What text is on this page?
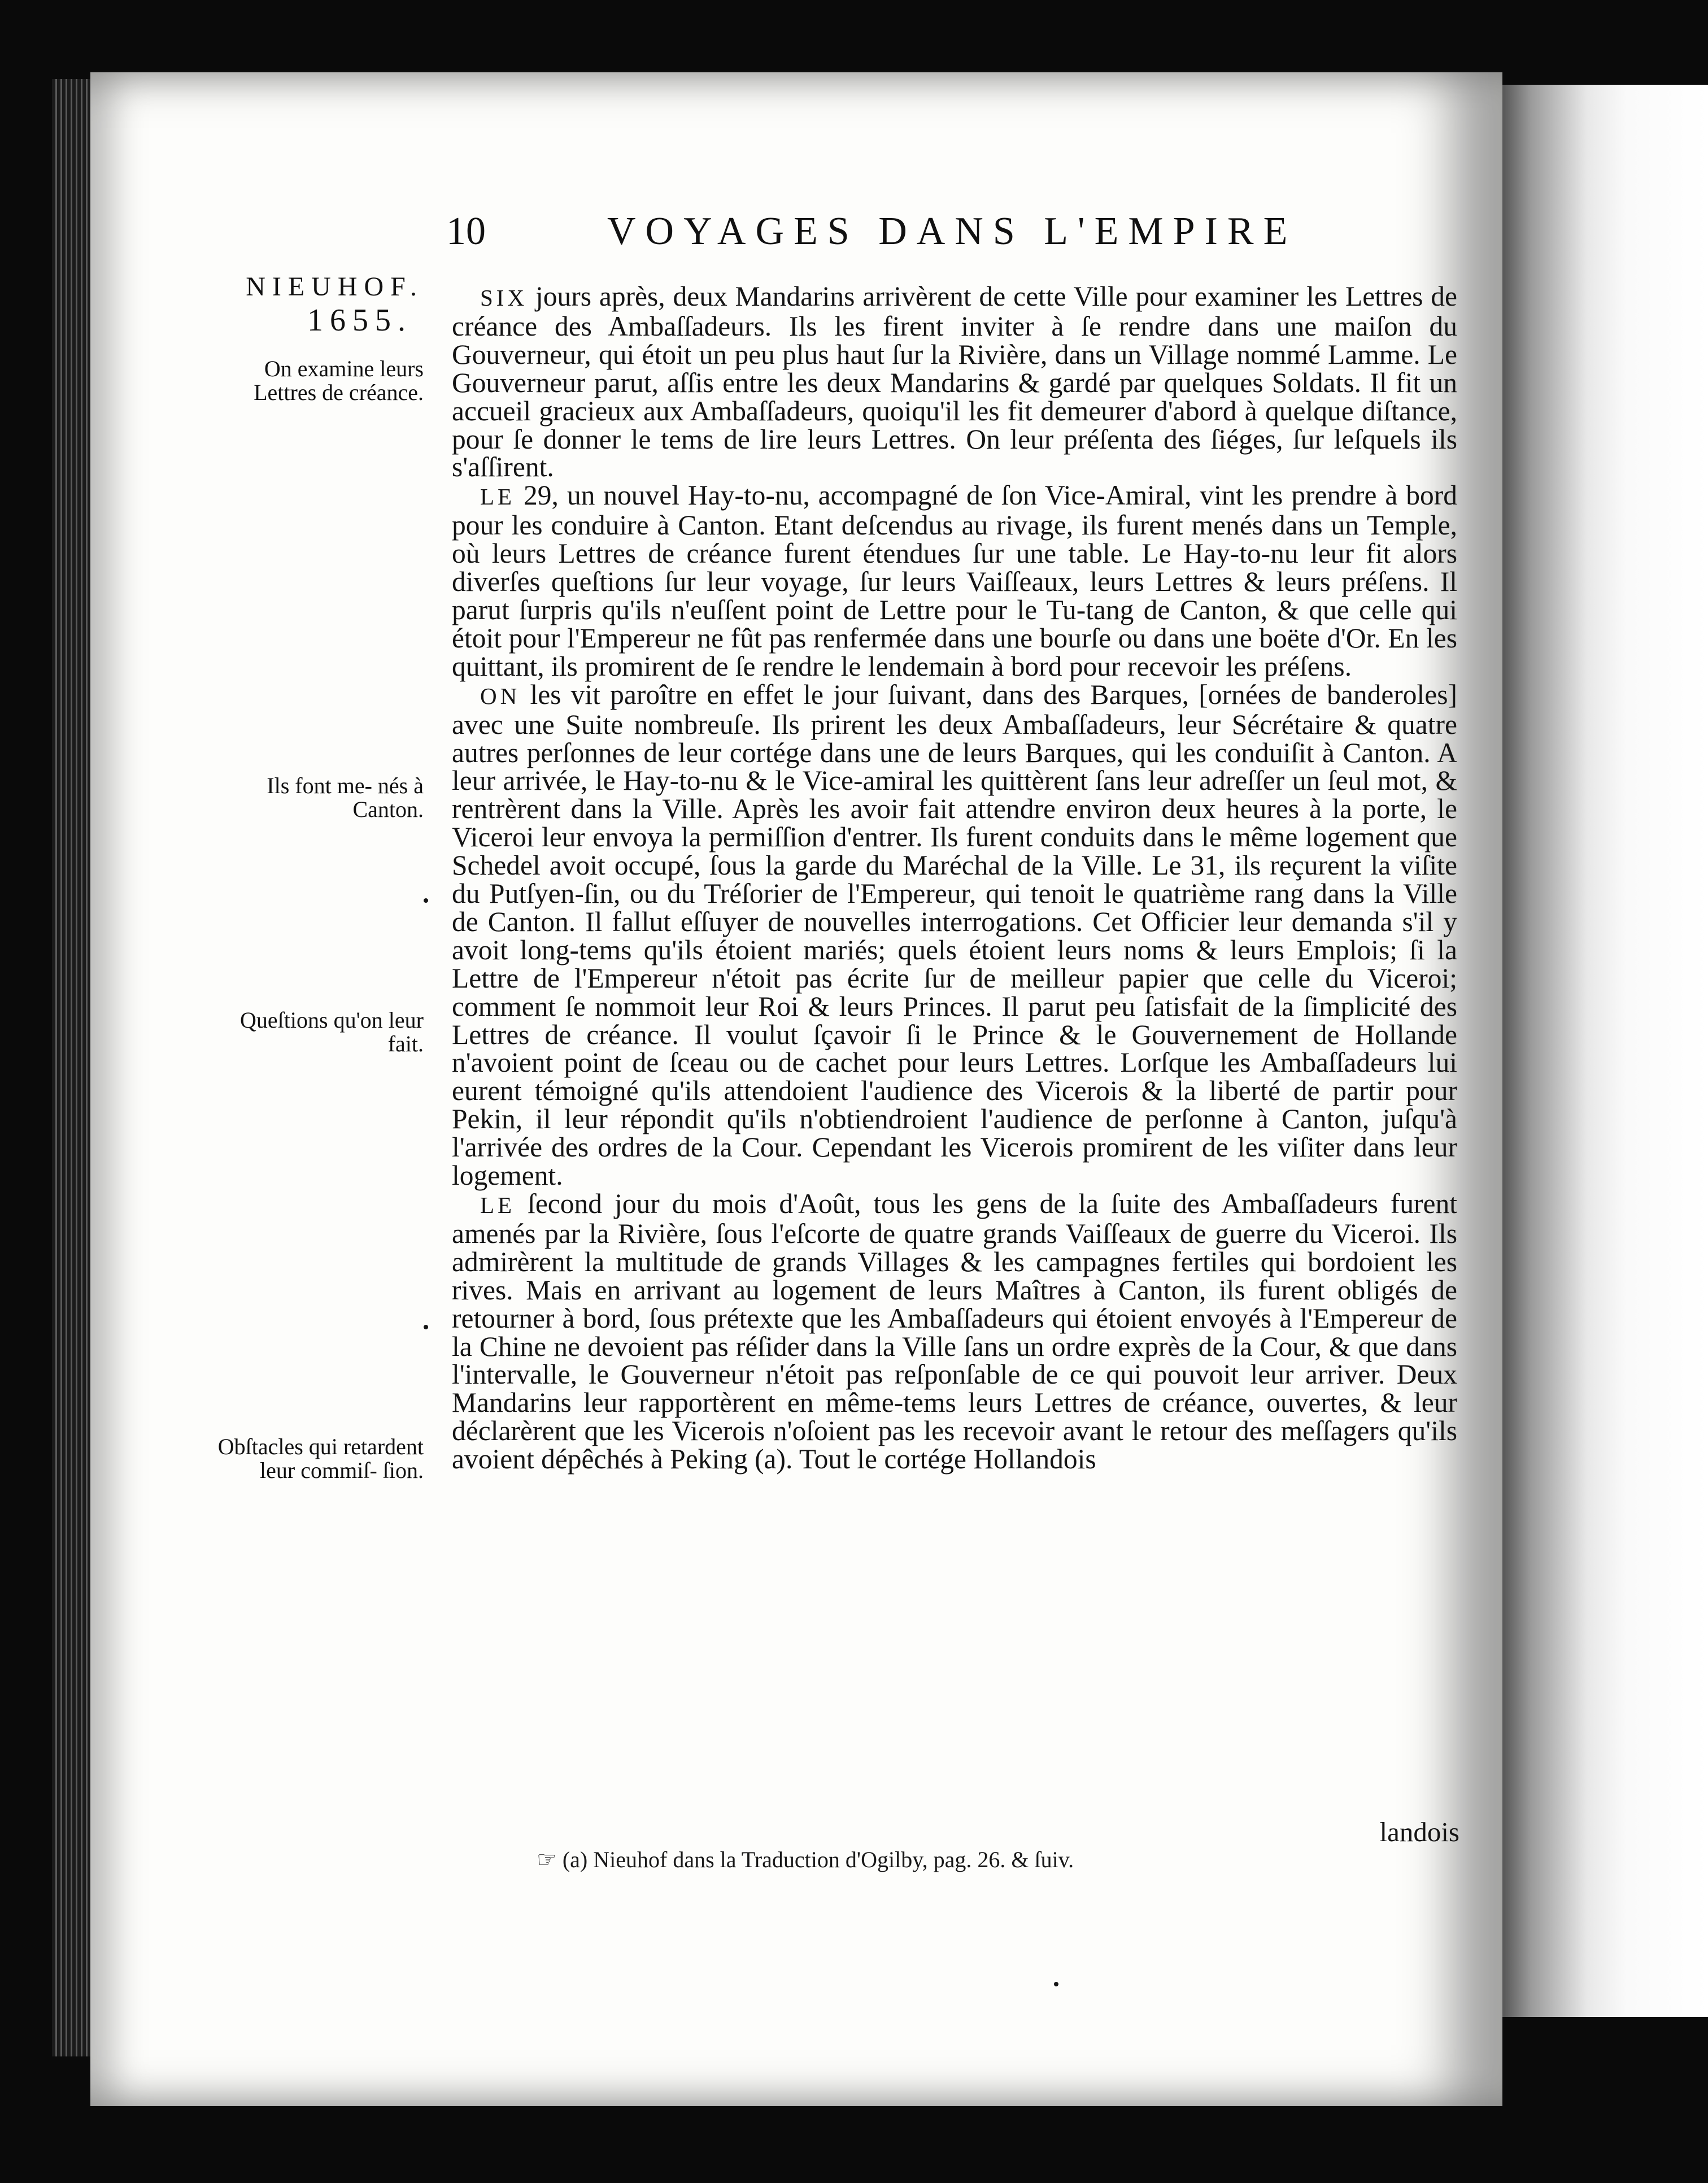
10	VOYAGES DANS L'EMPIRE
NIEUHOF.
1655.
On examine leurs Lettres de créance.
Ils font me- nés à Canton.
Queſtions qu'on leur fait.
Obſtacles qui retardent leur commiſ- ſion.

SIX jours après, deux Mandarins arrivèrent de cette Ville pour examiner les Lettres de créance des Ambaſſadeurs. Ils les firent inviter à ſe rendre dans une maiſon du Gouverneur, qui étoit un peu plus haut ſur la Rivière, dans un Village nommé Lamme. Le Gouverneur parut, aſſis entre les deux Mandarins & gardé par quelques Soldats. Il fit un accueil gracieux aux Ambaſſadeurs, quoiqu'il les fit demeurer d'abord à quelque diſtance, pour ſe donner le tems de lire leurs Lettres. On leur préſenta des ſiéges, ſur leſquels ils s'aſſirent.

LE 29, un nouvel Hay-to-nu, accompagné de ſon Vice-Amiral, vint les prendre à bord pour les conduire à Canton. Etant deſcendus au rivage, ils furent menés dans un Temple, où leurs Lettres de créance furent étendues ſur une table. Le Hay-to-nu leur fit alors diverſes queſtions ſur leur voyage, ſur leurs Vaiſſeaux, leurs Lettres & leurs préſens. Il parut ſurpris qu'ils n'euſſent point de Lettre pour le Tu-tang de Canton, & que celle qui étoit pour l'Empereur ne fût pas renfermée dans une bourſe ou dans une boëte d'Or. En les quittant, ils promirent de ſe rendre le lendemain à bord pour recevoir les préſens.

ON les vit paroître en effet le jour ſuivant, dans des Barques, [ornées de banderoles] avec une Suite nombreuſe. Ils prirent les deux Ambaſſadeurs, leur Sécrétaire & quatre autres perſonnes de leur cortége dans une de leurs Barques, qui les conduiſit à Canton. A leur arrivée, le Hay-to-nu & le Vice-amiral les quittèrent ſans leur adreſſer un ſeul mot, & rentrèrent dans la Ville. Après les avoir fait attendre environ deux heures à la porte, le Viceroi leur envoya la permiſſion d'entrer. Ils furent conduits dans le même logement que Schedel avoit occupé, ſous la garde du Maréchal de la Ville. Le 31, ils reçurent la viſite du Putſyen-ſin, ou du Tréſorier de l'Empereur, qui tenoit le quatrième rang dans la Ville de Canton. Il fallut eſſuyer de nouvelles interrogations. Cet Officier leur demanda s'il y avoit long-tems qu'ils étoient mariés; quels étoient leurs noms & leurs Emplois; ſi la Lettre de l'Empereur n'étoit pas écrite ſur de meilleur papier que celle du Viceroi; comment ſe nommoit leur Roi & leurs Princes. Il parut peu ſatisfait de la ſimplicité des Lettres de créance. Il voulut ſçavoir ſi le Prince & le Gouvernement de Hollande n'avoient point de ſceau ou de cachet pour leurs Lettres. Lorſque les Ambaſſadeurs lui eurent témoigné qu'ils attendoient l'audience des Vicerois & la liberté de partir pour Pekin, il leur répondit qu'ils n'obtiendroient l'audience de perſonne à Canton, juſqu'à l'arrivée des ordres de la Cour. Cependant les Vicerois promirent de les viſiter dans leur logement.

LE ſecond jour du mois d'Août, tous les gens de la ſuite des Ambaſſadeurs furent amenés par la Rivière, ſous l'eſcorte de quatre grands Vaiſſeaux de guerre du Viceroi. Ils admirèrent la multitude de grands Villages & les campagnes fertiles qui bordoient les rives. Mais en arrivant au logement de leurs Maîtres à Canton, ils furent obligés de retourner à bord, ſous prétexte que les Ambaſſadeurs qui étoient envoyés à l'Empereur de la Chine ne devoient pas réſider dans la Ville ſans un ordre exprès de la Cour, & que dans l'intervalle, le Gouverneur n'étoit pas reſponſable de ce qui pouvoit leur arriver. Deux Mandarins leur rapportèrent en même-tems leurs Lettres de créance, ouvertes, & leur déclarèrent que les Vicerois n'oſoient pas les recevoir avant le retour des meſſagers qu'ils avoient dépêchés à Peking (a). Tout le cortége Hollandois

landois
☞ (a) Nieuhof dans la Traduction d'Ogilby, pag. 26. & ſuiv.
